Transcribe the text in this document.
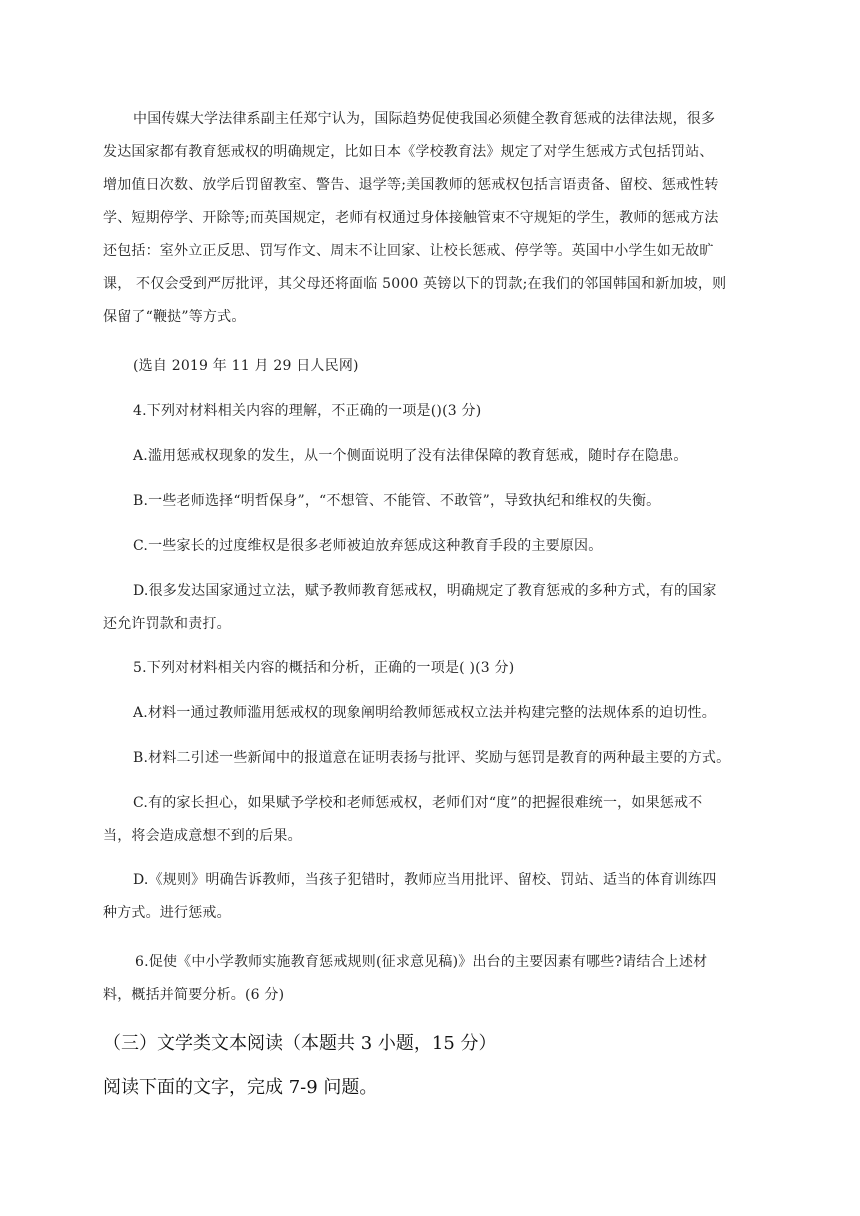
中国传媒大学法律系副主任郑宁认为，国际趋势促使我国必须健全教育惩戒的法律法规，很多
发达国家都有教育惩戒权的明确规定，比如日本《学校教育法》规定了对学生惩戒方式包括罚站、
增加值日次数、放学后罚留教室、警告、退学等;美国教师的惩戒权包括言语责备、留校、惩戒性转
学、短期停学、开除等;而英国规定，老师有权通过身体接触管束不守规矩的学生，教师的惩戒方法
还包括：室外立正反思、罚写作文、周末不让回家、让校长惩戒、停学等。英国中小学生如无故旷
课， 不仅会受到严厉批评，其父母还将面临 5000 英镑以下的罚款;在我们的邻国韩国和新加坡，则
保留了“鞭挞”等方式。

(选自 2019 年 11 月 29 日人民网)

4.下列对材料相关内容的理解，不正确的一项是()(3 分)

A.滥用惩戒权现象的发生，从一个侧面说明了没有法律保障的教育惩戒，随时存在隐患。

B.一些老师选择“明哲保身”，“不想管、不能管、不敢管”，导致执纪和维权的失衡。

C.一些家长的过度维权是很多老师被迫放弃惩成这种教育手段的主要原因。

D.很多发达国家通过立法，赋予教师教育惩戒权，明确规定了教育惩戒的多种方式，有的国家
还允许罚款和责打。

5.下列对材料相关内容的概括和分析，正确的一项是( )(3 分)

A.材料一通过教师滥用惩戒权的现象阐明给教师惩戒权立法并构建完整的法规体系的迫切性。

B.材料二引述一些新闻中的报道意在证明表扬与批评、奖励与惩罚是教育的两种最主要的方式。

C.有的家长担心，如果赋予学校和老师惩戒权，老师们对“度”的把握很难统一，如果惩戒不
当，将会造成意想不到的后果。
D.《规则》明确告诉教师，当孩子犯错时，教师应当用批评、留校、罚站、适当的体育训练四
种方式。进行惩戒。
6.促使《中小学教师实施教育惩戒规则(征求意见稿)》出台的主要因素有哪些?请结合上述材
料，概括并简要分析。(6 分)

（三）文学类文本阅读（本题共 3 小题，15 分）

阅读下面的文字，完成 7-9 问题。
